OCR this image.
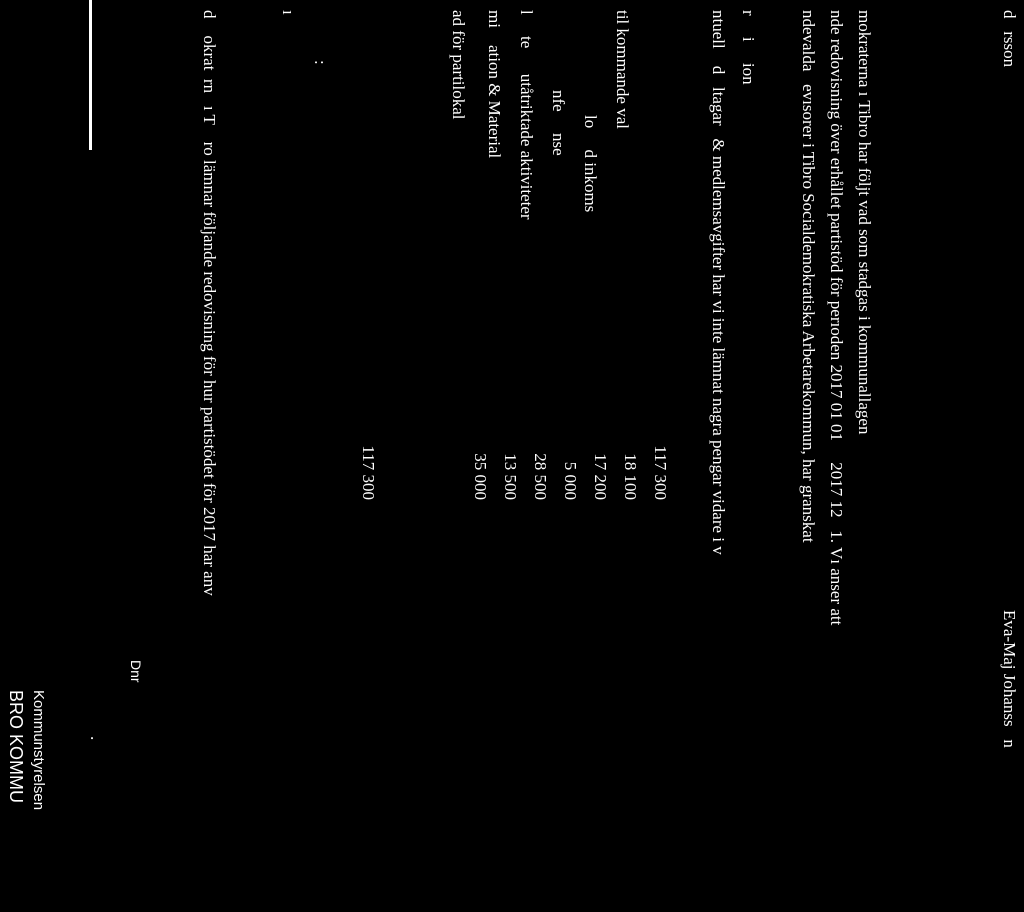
BRO KOMMU Kommunstyrelsen
Dnr
.
d    okrat  rn   ı T    ro lämnar följande redovisning för hur partistödet för 2017 har anv	:
ı
117 300
ad för partilokal
35 000
mi    ation & Material
13 500
l     te      utåtriktade aktiviteter
28 500
nfe     nse
5 000
lo     d inkoms
17 200
til kommande val
18 100 117 300 ntuell    d   ltagar   & medlemsavgifter har vi inte lämnat nagra pengar vidare i v r     i     ion ndevalda   evısorer i Tibro Socialdemokratiska Arbetarekommun, har granskat nde redovisning över erhållet partistöd för perıoden 2017 01 01     2017 12   1. Vı anser att mokraterna ı Tibro har följt vad som stadgas i kommunallagen	d   rsson
Eva-Maj Johanss   n
